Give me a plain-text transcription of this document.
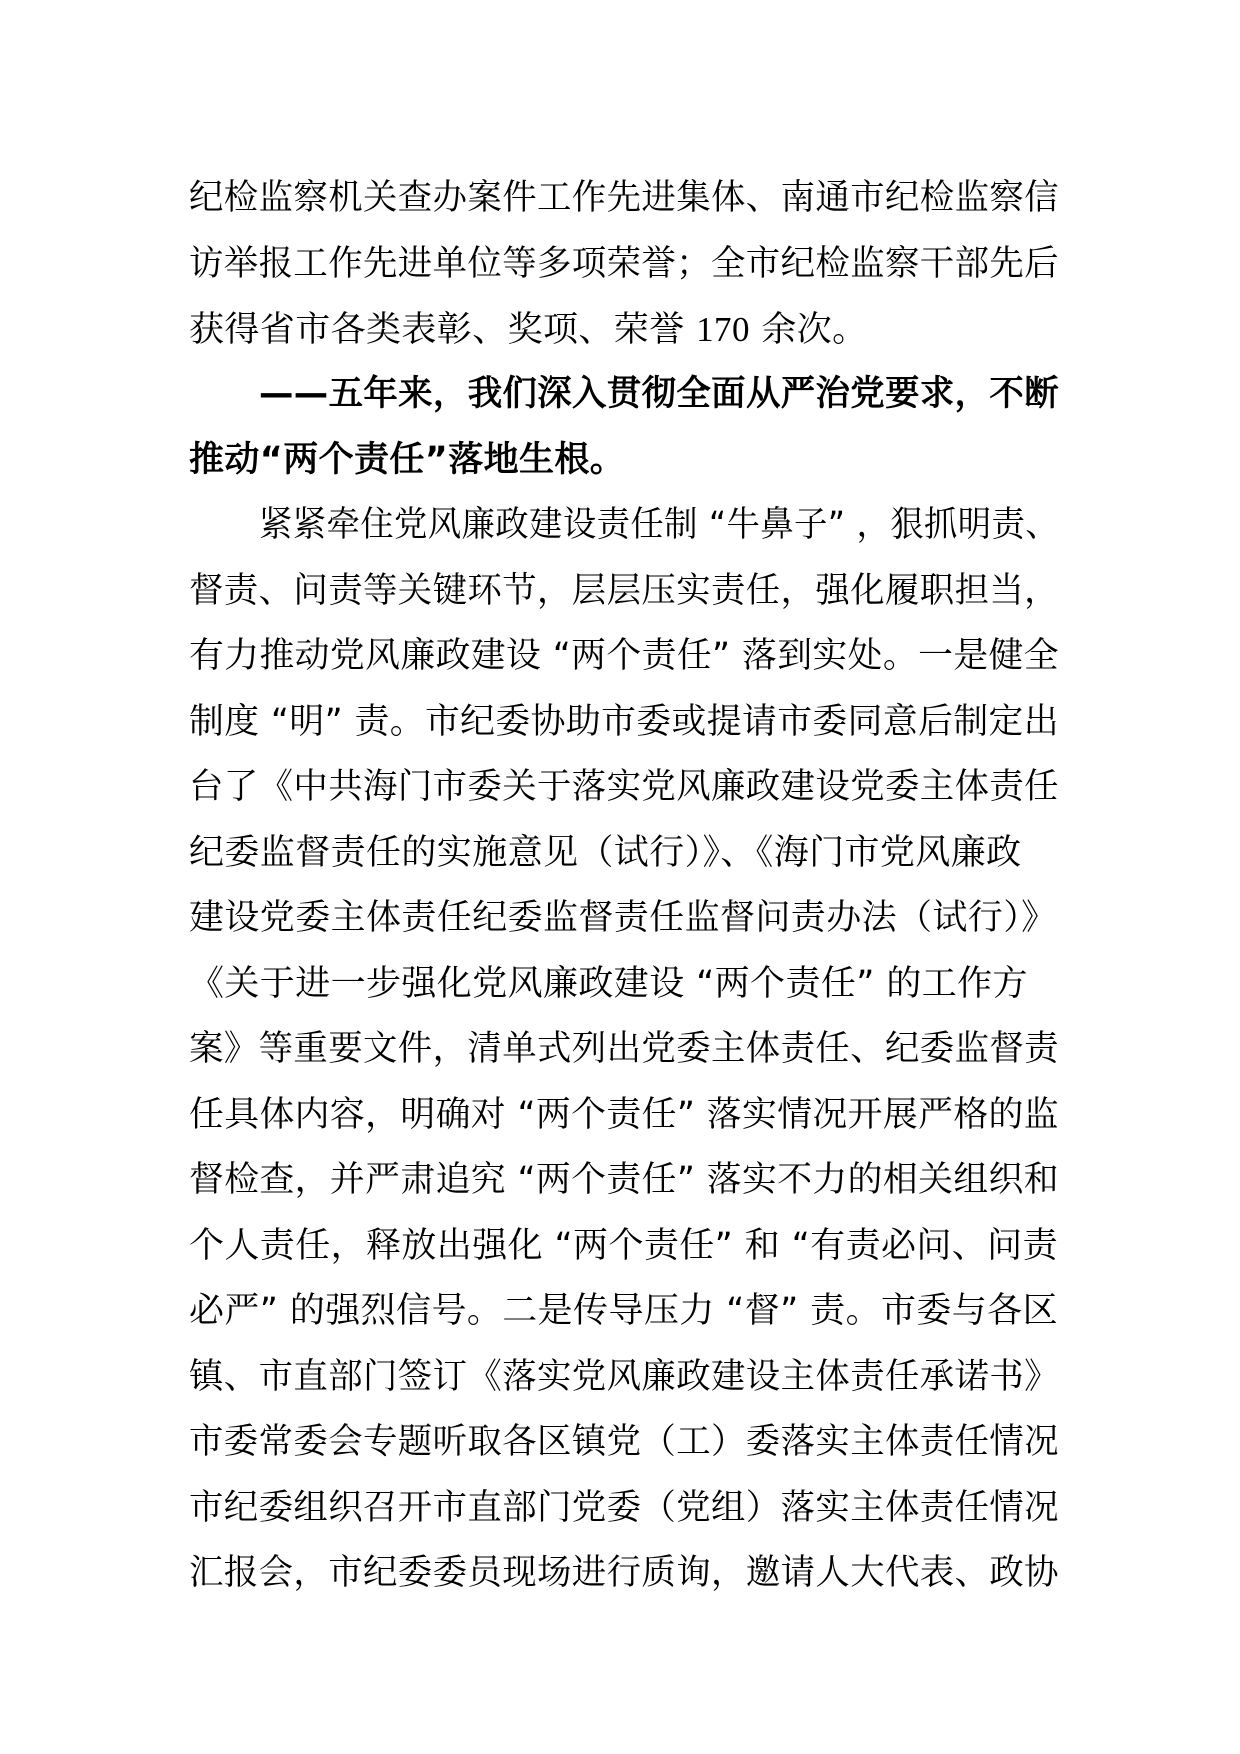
纪检监察机关查办案件工作先进集体、南通市纪检监察信
访举报工作先进单位等多项荣誉；全市纪检监察干部先后
获得省市各类表彰、奖项、荣誉 170 余次。
——五年来，我们深入贯彻全面从严治党要求，不断
推动“两个责任”落地生根。
紧紧牵住党风廉政建设责任制 “牛鼻子” ，狠抓明责、
督责、问责等关键环节，层层压实责任，强化履职担当，
有力推动党风廉政建设 “两个责任” 落到实处。一是健全
制度 “明” 责。市纪委协助市委或提请市委同意后制定出
台了《中共海门市委关于落实党风廉政建设党委主体责任
纪委监督责任的实施意见（试行）》、《海门市党风廉政
建设党委主体责任纪委监督责任监督问责办法（试行）》
《关于进一步强化党风廉政建设 “两个责任” 的工作方
案》等重要文件，清单式列出党委主体责任、纪委监督责
任具体内容，明确对 “两个责任” 落实情况开展严格的监
督检查，并严肃追究 “两个责任” 落实不力的相关组织和
个人责任，释放出强化 “两个责任” 和 “有责必问、问责
必严” 的强烈信号。二是传导压力 “督” 责。市委与各区
镇、市直部门签订《落实党风廉政建设主体责任承诺书》
市委常委会专题听取各区镇党（工）委落实主体责任情况
市纪委组织召开市直部门党委（党组）落实主体责任情况
汇报会，市纪委委员现场进行质询，邀请人大代表、政协
